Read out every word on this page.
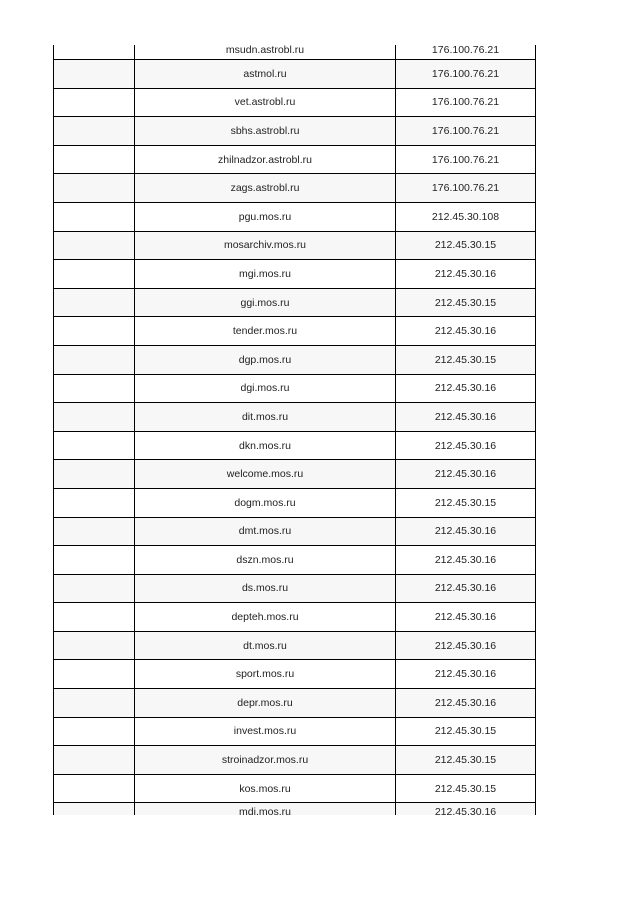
	msudn.astrobl.ru	176.100.76.21

	astmol.ru	176.100.76.21
	vet.astrobl.ru	176.100.76.21
	sbhs.astrobl.ru	176.100.76.21
	zhilnadzor.astrobl.ru	176.100.76.21
	zags.astrobl.ru	176.100.76.21
	pgu.mos.ru	212.45.30.108
	mosarchiv.mos.ru	212.45.30.15
	mgi.mos.ru	212.45.30.16
	ggi.mos.ru	212.45.30.15
	tender.mos.ru	212.45.30.16
	dgp.mos.ru	212.45.30.15
	dgi.mos.ru	212.45.30.16
	dit.mos.ru	212.45.30.16
	dkn.mos.ru	212.45.30.16
	welcome.mos.ru	212.45.30.16
	dogm.mos.ru	212.45.30.15
	dmt.mos.ru	212.45.30.16
	dszn.mos.ru	212.45.30.16
	ds.mos.ru	212.45.30.16
	depteh.mos.ru	212.45.30.16
	dt.mos.ru	212.45.30.16
	sport.mos.ru	212.45.30.16
	depr.mos.ru	212.45.30.16
	invest.mos.ru	212.45.30.15
	stroinadzor.mos.ru	212.45.30.15
	kos.mos.ru	212.45.30.15

	mdi.mos.ru	212.45.30.16
